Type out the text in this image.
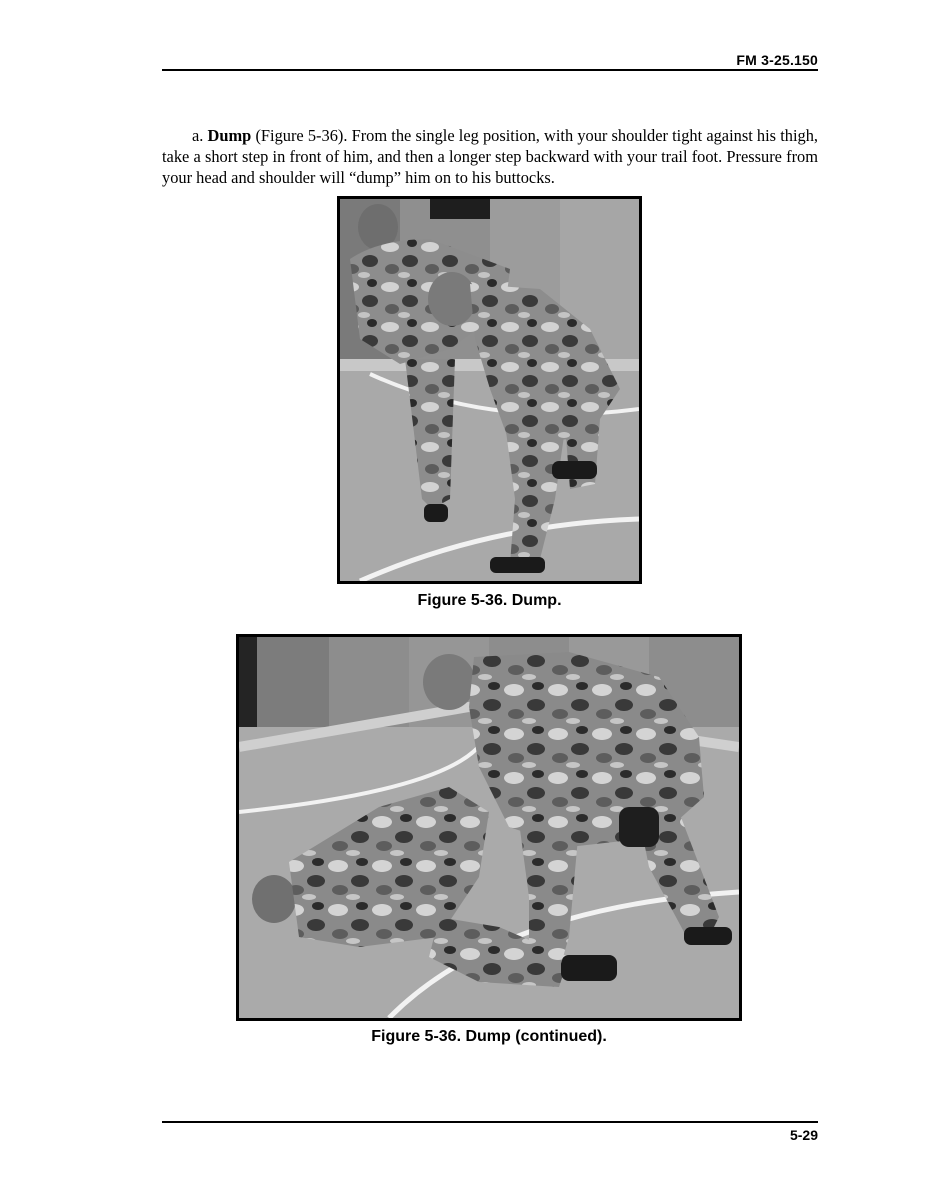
FM 3-25.150

a. Dump (Figure 5-36). From the single leg position, with your shoulder tight against his thigh, take a short step in front of him, and then a longer step backward with your trail foot. Pressure from your head and shoulder will “dump” him on to his buttocks.

Figure 5-36. Dump.
Figure 5-36. Dump (continued).
5-29
